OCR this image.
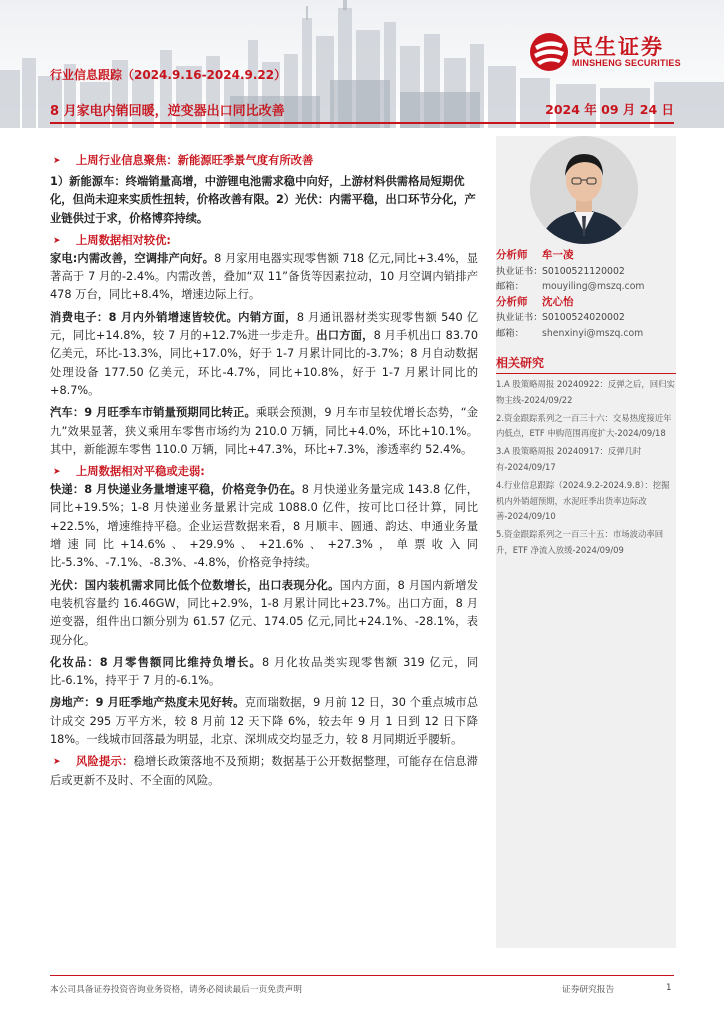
民生证券
MINSHENG SECURITIES
行业信息跟踪（2024.9.16-2024.9.22）
8 月家电内销回暖，逆变器出口同比改善	2024 年 09 月 24 日
➤ 上周行业信息聚焦：新能源旺季景气度有所改善
1）新能源车：终端销量高增，中游锂电池需求稳中向好，上游材料供需格局短期优化，但尚未迎来实质性扭转，价格改善有限。2）光伏：内需平稳，出口环节分化，产业链供过于求，价格博弈持续。
➤ 上周数据相对较优:

家电:内需改善，空调排产向好。8 月家用电器实现零售额 718 亿元,同比+3.4%，显著高于 7 月的-2.4%。内需改善，叠加“双 11”备货等因素拉动，10 月空调内销排产 478 万台，同比+8.4%，增速边际上行。

消费电子：8 月内外销增速皆较优。内销方面，8 月通讯器材类实现零售额 540 亿元，同比+14.8%，较 7 月的+12.7%进一步走升。出口方面，8 月手机出口 83.70 亿美元，环比-13.3%，同比+17.0%，好于 1-7 月累计同比的-3.7%；8 月自动数据处理设备 177.50 亿美元，环比-4.7%，同比+10.8%，好于 1-7 月累计同比的+8.7%。

汽车：9 月旺季车市销量预期同比转正。乘联会预测，9 月车市呈较优增长态势，“金九”效果显著，狭义乘用车零售市场约为 210.0 万辆，同比+4.0%，环比+10.1%。其中，新能源车零售 110.0 万辆，同比+47.3%，环比+7.3%，渗透率约 52.4%。

➤ 上周数据相对平稳或走弱:

快递：8 月快递业务量增速平稳，价格竞争仍在。8 月快递业务量完成 143.8 亿件，同比+19.5%；1-8 月快递业务量累计完成 1088.0 亿件，按可比口径计算，同比+22.5%，增速维持平稳。企业运营数据来看，8 月顺丰、圆通、韵达、申通业务量增速同比+14.6%、+29.9%、+21.6%、+27.3%，单票收入同比-5.3%、-7.1%、-8.3%、-4.8%，价格竞争持续。

光伏：国内装机需求同比低个位数增长，出口表现分化。国内方面，8 月国内新增发电装机容量约 16.46GW，同比+2.9%，1-8 月累计同比+23.7%。出口方面，8 月逆变器，组件出口额分别为 61.57 亿元、174.05 亿元,同比+24.1%、-28.1%，表现分化。

化妆品：8 月零售额同比维持负增长。8 月化妆品类实现零售额 319 亿元，同比-6.1%，持平于 7 月的-6.1%。

房地产：9 月旺季地产热度未见好转。克而瑞数据，9 月前 12 日，30 个重点城市总计成交 295 万平方米，较 8 月前 12 天下降 6%，较去年 9 月 1 日到 12 日下降 18%。一线城市回落最为明显，北京、深圳成交均显乏力，较 8 月同期近乎腰斩。

➤ 风险提示：稳增长政策落地不及预期；数据基于公开数据整理，可能存在信息滞后或更新不及时、不全面的风险。
分析师 牟一凌
执业证书：S0100521120002
邮箱： mouyiling@mszq.com
分析师 沈心怡
执业证书：S0100524020002
邮箱： shenxinyi@mszq.com
相关研究
1.A 股策略周报 20240922：反弹之后，回归实物主线-2024/09/22
2.资金跟踪系列之一百三十六：交易热度接近年内低点，ETF 申购范围再度扩大-2024/09/18
3.A 股策略周报 20240917：反弹几时有-2024/09/17
4.行业信息跟踪（2024.9.2-2024.9.8）：挖掘机内外销超预期，水泥旺季出货率边际改善-2024/09/10
5.资金跟踪系列之一百三十五：市场波动率回升，ETF 净流入放缓-2024/09/09
本公司具备证券投资咨询业务资格，请务必阅读最后一页免责声明	证券研究报告	1
